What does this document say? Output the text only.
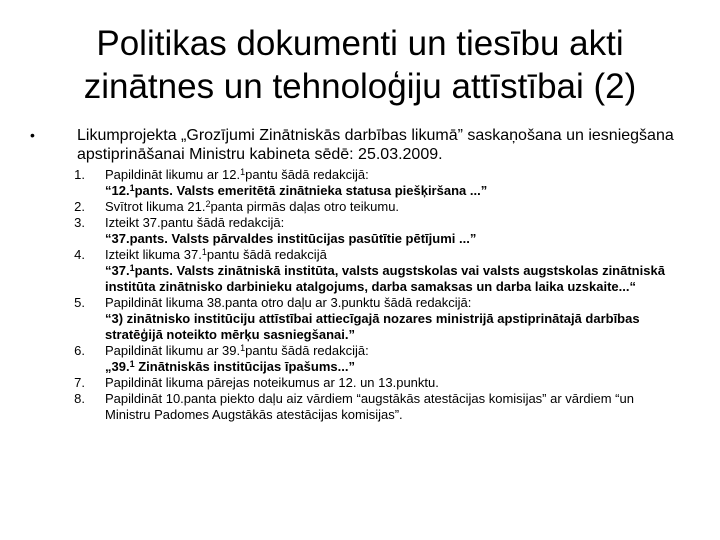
Politikas dokumenti un tiesību akti zinātnes un tehnoloģiju attīstībai (2)
•	Likumprojekta „Grozījumi Zinātniskās darbības likumā” saskaņošana un iesniegšana apstiprināšanai Ministru kabineta sēdē: 25.03.2009.
1. Papildināt likumu ar 12.$^1$pantu šādā redakcijā:
“12.$^1$pants. Valsts emeritētā zinātnieka statusa piešķiršana ...”
2. Svītrot likuma 21.$^2$panta pirmās daļas otro teikumu.
3. Izteikt 37.pantu šādā redakcijā:
“37.pants. Valsts pārvaldes institūcijas pasūtītie pētījumi ...”
4. Izteikt likuma 37.$^1$pantu šādā redakcijā
“37.$^1$pants. Valsts zinātniskā institūta, valsts augstskolas vai valsts augstskolas zinātniskā institūta zinātnisko darbinieku atalgojums, darba samaksas un darba laika uzskaite...“
5. Papildināt likuma 38.panta otro daļu ar 3.punktu šādā redakcijā:
“3) zinātnisko institūciju attīstībai attiecīgajā nozares ministrijā apstiprinātajā darbības stratēģijā noteikto mērķu sasniegšanai.”
6. Papildināt likumu ar 39.$^1$pantu šādā redakcijā:
„39.$^1$ Zinātniskās institūcijas īpašums...”
7. Papildināt likuma pārejas noteikumus ar 12. un 13.punktu.
8. Papildināt 10.panta piekto daļu aiz vārdiem “augstākās atestācijas komisijas” ar vārdiem “un Ministru Padomes Augstākās atestācijas komisijas”.
